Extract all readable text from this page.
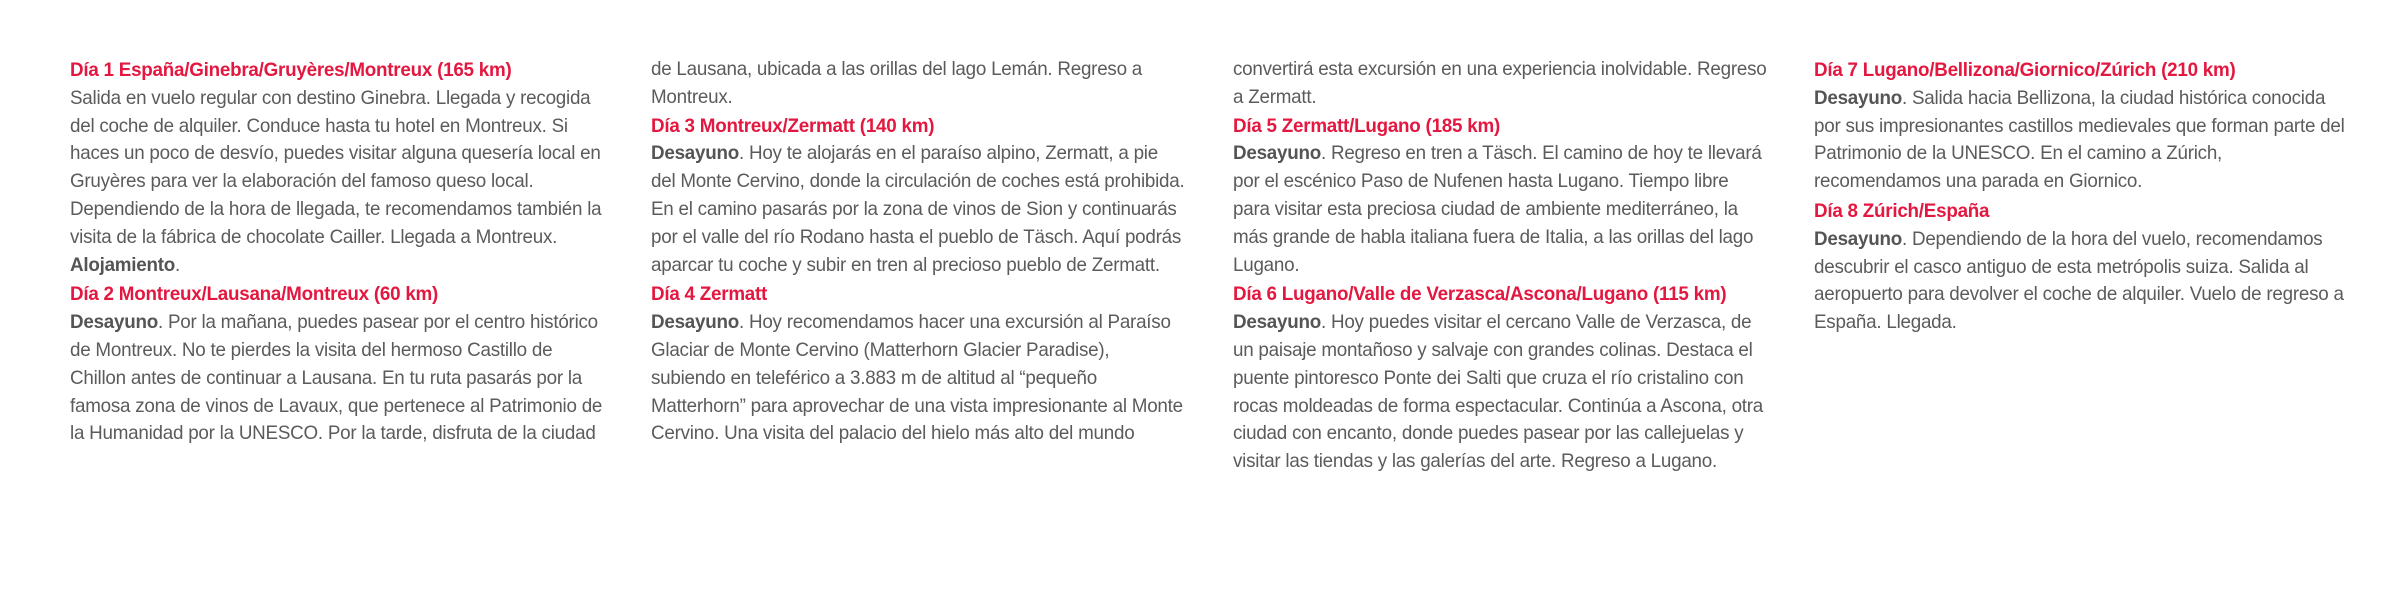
Día 1 España/Ginebra/Gruyères/Montreux (165 km)

Salida en vuelo regular con destino Ginebra. Llegada y recogida del coche de alquiler. Conduce hasta tu hotel en Montreux. Si haces un poco de desvío, puedes visitar alguna quesería local en Gruyères para ver la elaboración del famoso queso local. Dependiendo de la hora de llegada, te recomendamos también la visita de la fábrica de chocolate Cailler. Llegada a Montreux. Alojamiento.

Día 2 Montreux/Lausana/Montreux (60 km)

Desayuno. Por la mañana, puedes pasear por el centro histórico de Montreux. No te pierdes la visita del hermoso Castillo de Chillon antes de continuar a Lausana. En tu ruta pasarás por la famosa zona de vinos de Lavaux, que pertenece al Patrimonio de la Humanidad por la UNESCO. Por la tarde, disfruta de la ciudad de Lausana, ubicada a las orillas del lago Lemán. Regreso a Montreux.

Día 3 Montreux/Zermatt (140 km)

Desayuno. Hoy te alojarás en el paraíso alpino, Zermatt, a pie del Monte Cervino, donde la circulación de coches está prohibida. En el camino pasarás por la zona de vinos de Sion y continuarás por el valle del río Rodano hasta el pueblo de Täsch. Aquí podrás aparcar tu coche y subir en tren al precioso pueblo de Zermatt.

Día 4 Zermatt

Desayuno. Hoy recomendamos hacer una excursión al Paraíso Glaciar de Monte Cervino (Matterhorn Glacier Paradise), subiendo en teleférico a 3.883 m de altitud al “pequeño Matterhorn” para aprovechar de una vista impresionante al Monte Cervino. Una visita del palacio del hielo más alto del mundo convertirá esta excursión en una experiencia inolvidable. Regreso a Zermatt.

Día 5 Zermatt/Lugano (185 km)

Desayuno. Regreso en tren a Täsch. El camino de hoy te llevará por el escénico Paso de Nufenen hasta Lugano. Tiempo libre para visitar esta preciosa ciudad de ambiente mediterráneo, la más grande de habla italiana fuera de Italia, a las orillas del lago Lugano.

Día 6 Lugano/Valle de Verzasca/Ascona/Lugano (115 km)

Desayuno. Hoy puedes visitar el cercano Valle de Verzasca, de un paisaje montañoso y salvaje con grandes colinas. Destaca el puente pintoresco Ponte dei Salti que cruza el río cristalino con rocas moldeadas de forma espectacular. Continúa a Ascona, otra ciudad con encanto, donde puedes pasear por las callejuelas y visitar las tiendas y las galerías del arte. Regreso a Lugano.

Día 7 Lugano/Bellizona/Giornico/Zúrich (210 km)

Desayuno. Salida hacia Bellizona, la ciudad histórica conocida por sus impresionantes castillos medievales que forman parte del Patrimonio de la UNESCO. En el camino a Zúrich, recomendamos una parada en Giornico.

Día 8 Zúrich/España

Desayuno. Dependiendo de la hora del vuelo, recomendamos descubrir el casco antiguo de esta metrópolis suiza. Salida al aeropuerto para devolver el coche de alquiler. Vuelo de regreso a España. Llegada.
